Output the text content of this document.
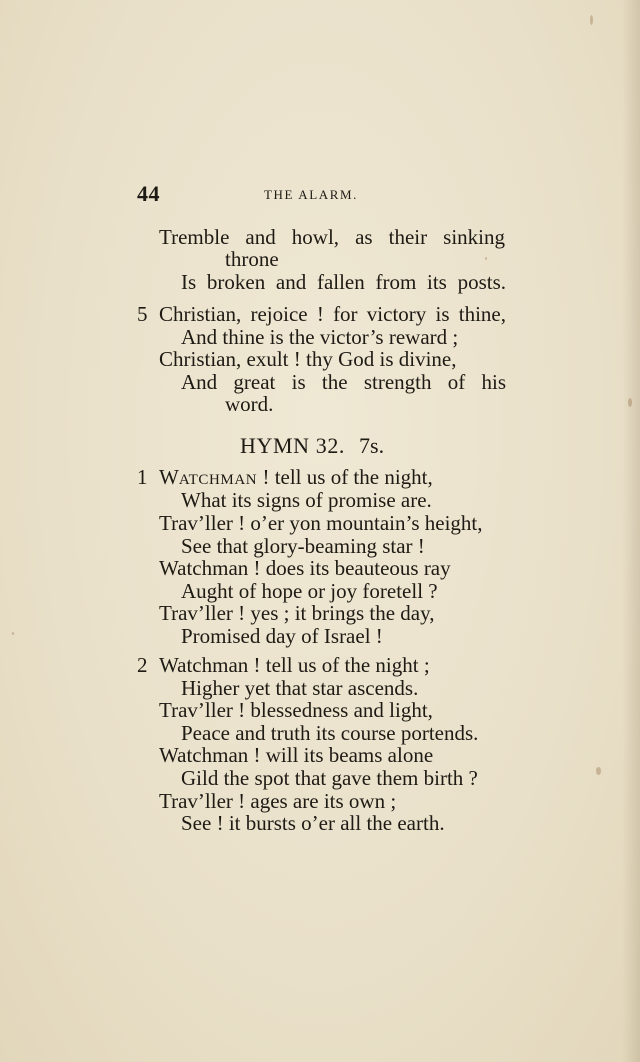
44	THE ALARM.
Tremble and howl, as their sinking
throne
Is broken and fallen from its posts.
5 Christian, rejoice ! for victory is thine,
And thine is the victor’s reward ;
Christian, exult ! thy God is divine,
And great is the strength of his
word.
HYMN 32. 7s.
1 WATCHMAN ! tell us of the night,
What its signs of promise are.
Trav’ller ! o’er yon mountain’s height,
See that glory-beaming star !
Watchman ! does its beauteous ray
Aught of hope or joy foretell ?
Trav’ller ! yes ; it brings the day,
Promised day of Israel !
2 Watchman ! tell us of the night ;
Higher yet that star ascends.
Trav’ller ! blessedness and light,
Peace and truth its course portends.
Watchman ! will its beams alone
Gild the spot that gave them birth ?
Trav’ller ! ages are its own ;
See ! it bursts o’er all the earth.
